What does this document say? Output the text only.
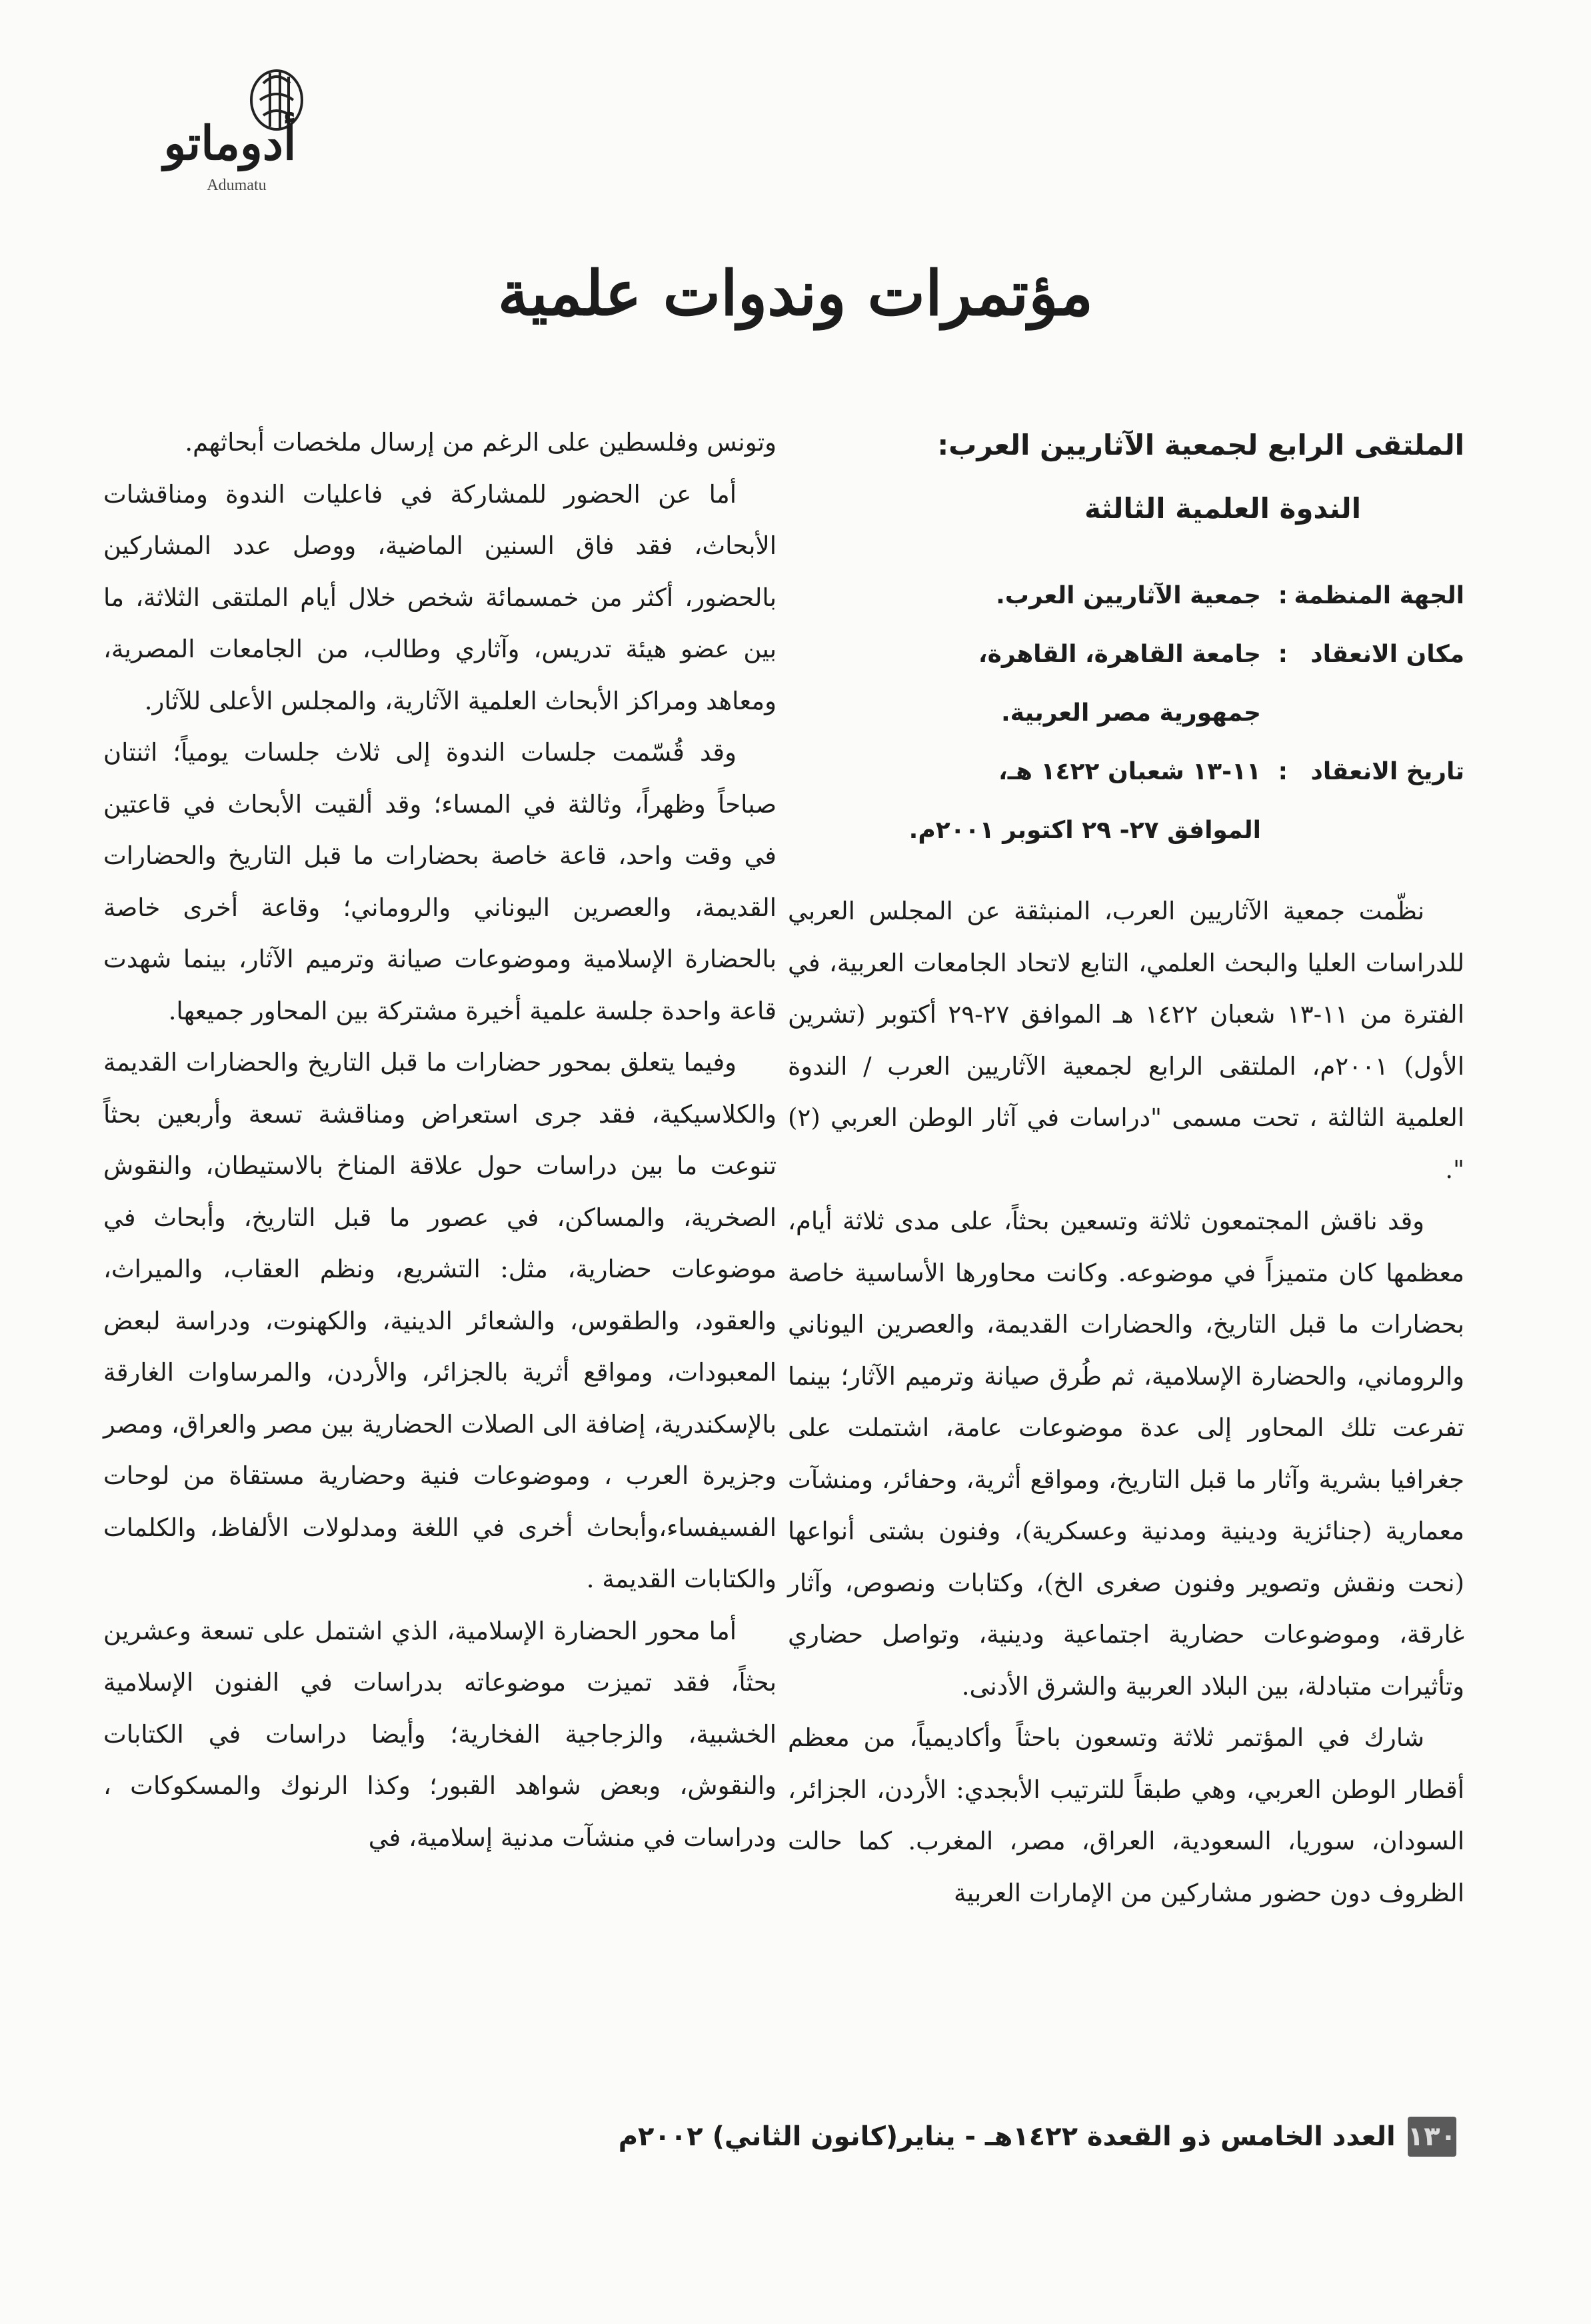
أدوماتو
Adumatu
مؤتمرات وندوات علمية
الملتقى الرابع لجمعية الآثاريين العرب:
الندوة العلمية الثالثة
الجهة المنظمة
:
جمعية الآثاريين العرب.
مكان الانعقاد
:
جامعة القاهرة، القاهرة،
جمهورية مصر العربية.
تاريخ الانعقاد
:
١١-١٣ شعبان ١٤٢٢ هـ،
الموافق ٢٧- ٢٩ اكتوبر ٢٠٠١م.

نظّمت جمعية الآثاريين العرب، المنبثقة عن المجلس العربي للدراسات العليا والبحث العلمي، التابع لاتحاد الجامعات العربية، في الفترة من ١١-١٣ شعبان ١٤٢٢ هـ الموافق ٢٧-٢٩ أكتوبر (تشرين الأول) ٢٠٠١م، الملتقى الرابع لجمعية الآثاريين العرب / الندوة العلمية الثالثة ، تحت مسمى "دراسات في آثار الوطن العربي (٢) ".

وقد ناقش المجتمعون ثلاثة وتسعين بحثاً، على مدى ثلاثة أيام، معظمها كان متميزاً في موضوعه. وكانت محاورها الأساسية خاصة بحضارات ما قبل التاريخ، والحضارات القديمة، والعصرين اليوناني والروماني، والحضارة الإسلامية، ثم طُرق صيانة وترميم الآثار؛ بينما تفرعت تلك المحاور إلى عدة موضوعات عامة، اشتملت على جغرافيا بشرية وآثار ما قبل التاريخ، ومواقع أثرية، وحفائر، ومنشآت معمارية (جنائزية ودينية ومدنية وعسكرية)، وفنون بشتى أنواعها (نحت ونقش وتصوير وفنون صغرى الخ)، وكتابات ونصوص، وآثار غارقة، وموضوعات حضارية اجتماعية ودينية، وتواصل حضاري وتأثيرات متبادلة، بين البلاد العربية والشرق الأدنى.

شارك في المؤتمر ثلاثة وتسعون باحثاً وأكاديمياً، من معظم أقطار الوطن العربي، وهي طبقاً للترتيب الأبجدي: الأردن، الجزائر، السودان، سوريا، السعودية، العراق، مصر، المغرب. كما حالت الظروف دون حضور مشاركين من الإمارات العربية

وتونس وفلسطين على الرغم من إرسال ملخصات أبحاثهم.

أما عن الحضور للمشاركة في فاعليات الندوة ومناقشات الأبحاث، فقد فاق السنين الماضية، ووصل عدد المشاركين بالحضور، أكثر من خمسمائة شخص خلال أيام الملتقى الثلاثة، ما بين عضو هيئة تدريس، وآثاري وطالب، من الجامعات المصرية، ومعاهد ومراكز الأبحاث العلمية الآثارية، والمجلس الأعلى للآثار.

وقد قُسّمت جلسات الندوة إلى ثلاث جلسات يومياً؛ اثنتان صباحاً وظهراً، وثالثة في المساء؛ وقد ألقيت الأبحاث في قاعتين في وقت واحد، قاعة خاصة بحضارات ما قبل التاريخ والحضارات القديمة، والعصرين اليوناني والروماني؛ وقاعة أخرى خاصة بالحضارة الإسلامية وموضوعات صيانة وترميم الآثار، بينما شهدت قاعة واحدة جلسة علمية أخيرة مشتركة بين المحاور جميعها.

وفيما يتعلق بمحور حضارات ما قبل التاريخ والحضارات القديمة والكلاسيكية، فقد جرى استعراض ومناقشة تسعة وأربعين بحثاً تنوعت ما بين دراسات حول علاقة المناخ بالاستيطان، والنقوش الصخرية، والمساكن، في عصور ما قبل التاريخ، وأبحاث في موضوعات حضارية، مثل: التشريع، ونظم العقاب، والميراث، والعقود، والطقوس، والشعائر الدينية، والكهنوت، ودراسة لبعض المعبودات، ومواقع أثرية بالجزائر، والأردن، والمرساوات الغارقة بالإسكندرية، إضافة الى الصلات الحضارية بين مصر والعراق، ومصر وجزيرة العرب ، وموضوعات فنية وحضارية مستقاة من لوحات الفسيفساء،وأبحاث أخرى في اللغة ومدلولات الألفاظ، والكلمات والكتابات القديمة .

أما محور الحضارة الإسلامية، الذي اشتمل على تسعة وعشرين بحثاً، فقد تميزت موضوعاته بدراسات في الفنون الإسلامية الخشبية، والزجاجية الفخارية؛ وأيضا دراسات في الكتابات والنقوش، وبعض شواهد القبور؛ وكذا الرنوك والمسكوكات ، ودراسات في منشآت مدنية إسلامية، في

١٣٠
العدد الخامس ذو القعدة ١٤٢٢هـ - يناير(كانون الثاني) ٢٠٠٢م
